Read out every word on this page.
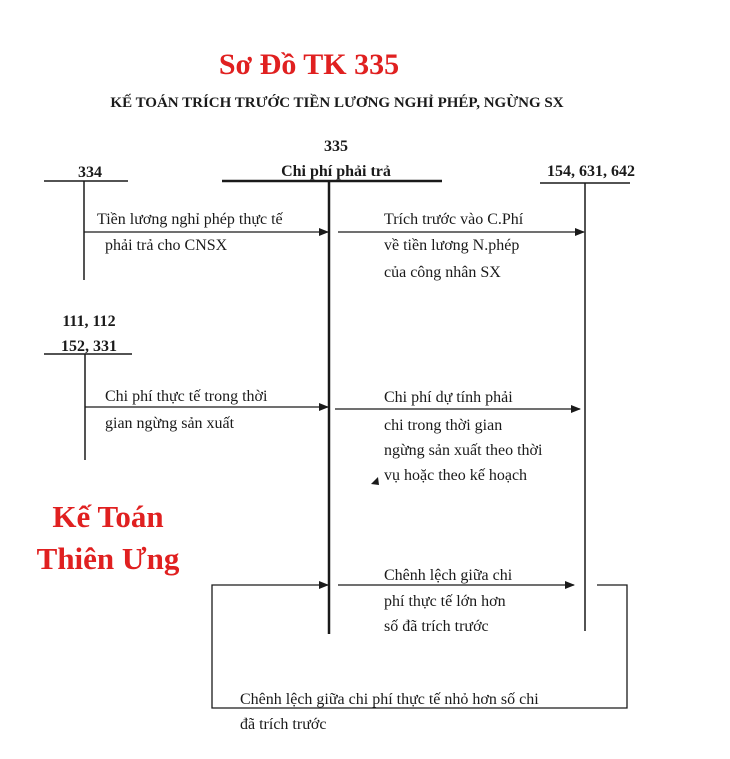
Sơ Đồ TK 335
KẾ TOÁN TRÍCH TRƯỚC TIỀN LƯƠNG NGHỈ PHÉP, NGỪNG SX
334
335
Chi phí phải trả	154, 631, 642
111, 112
152, 331
Tiền lương nghỉ phép thực tế
phải trả cho CNSX
Trích trước vào C.Phí
về tiền lương N.phép
của công nhân SX
Chi phí thực tế trong thời
gian ngừng sản xuất
Chi phí dự tính phải
chi trong thời gian
ngừng sản xuất theo thời
vụ hoặc theo kế hoạch
Kế Toán
Thiên Ưng	Chênh lệch giữa chi
phí thực tế lớn hơn
số đã trích trước
Chênh lệch giữa chi phí thực tế nhỏ hơn số chi
đã trích trước
